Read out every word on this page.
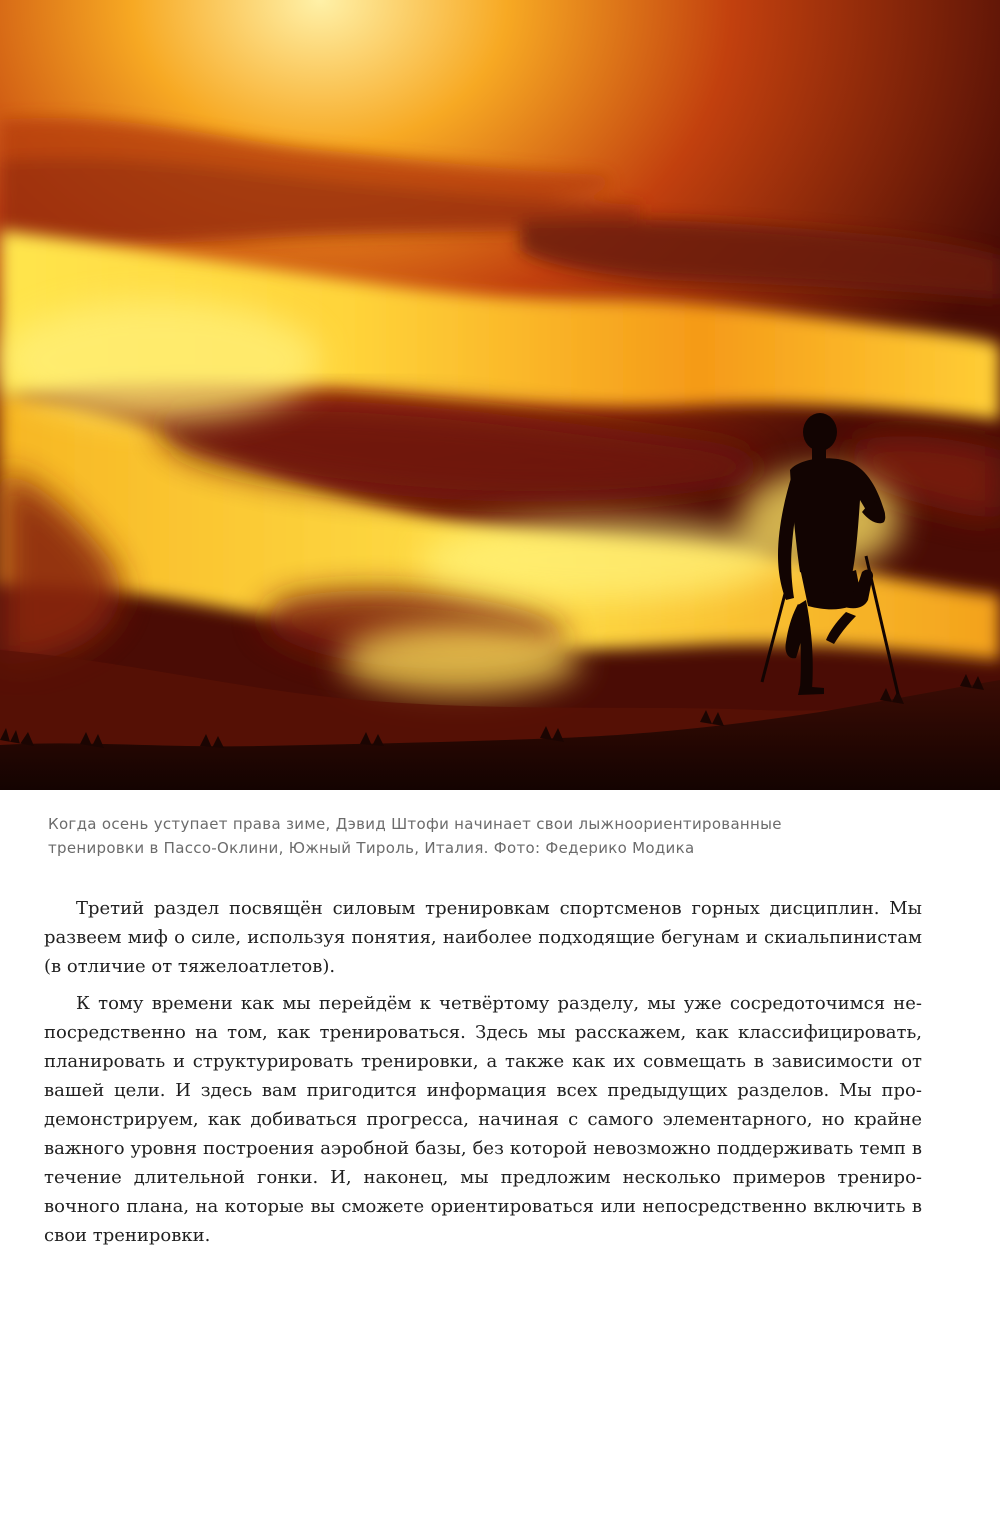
Когда осень уступает права зиме, Дэвид Штофи начинает свои лыжноориентированные
тренировки в Пассо-Оклини, Южный Тироль, Италия. Фото: Федерико Модика

Третий раздел посвящён силовым тренировкам спортсменов горных дисциплин. Мы развеем миф о силе, используя понятия, наиболее подходящие бегунам и скиальпинистам (в отличие от тяжелоатлетов).

К тому времени как мы перейдём к четвёртому разделу, мы уже сосредоточимся непосредственно на том, как тренироваться. Здесь мы расскажем, как классифицировать, планировать и структурировать тренировки, а также как их совмещать в зависимости от вашей цели. И здесь вам пригодится информация всех предыдущих разделов. Мы продемонстрируем, как добиваться прогресса, начиная с самого элементарного, но крайне важного уровня построения аэробной базы, без которой невозможно поддерживать темп в течение длительной гонки. И, наконец, мы предложим несколько примеров тренировочного плана, на которые вы сможете ориентироваться или непосредственно включить в свои тренировки.
